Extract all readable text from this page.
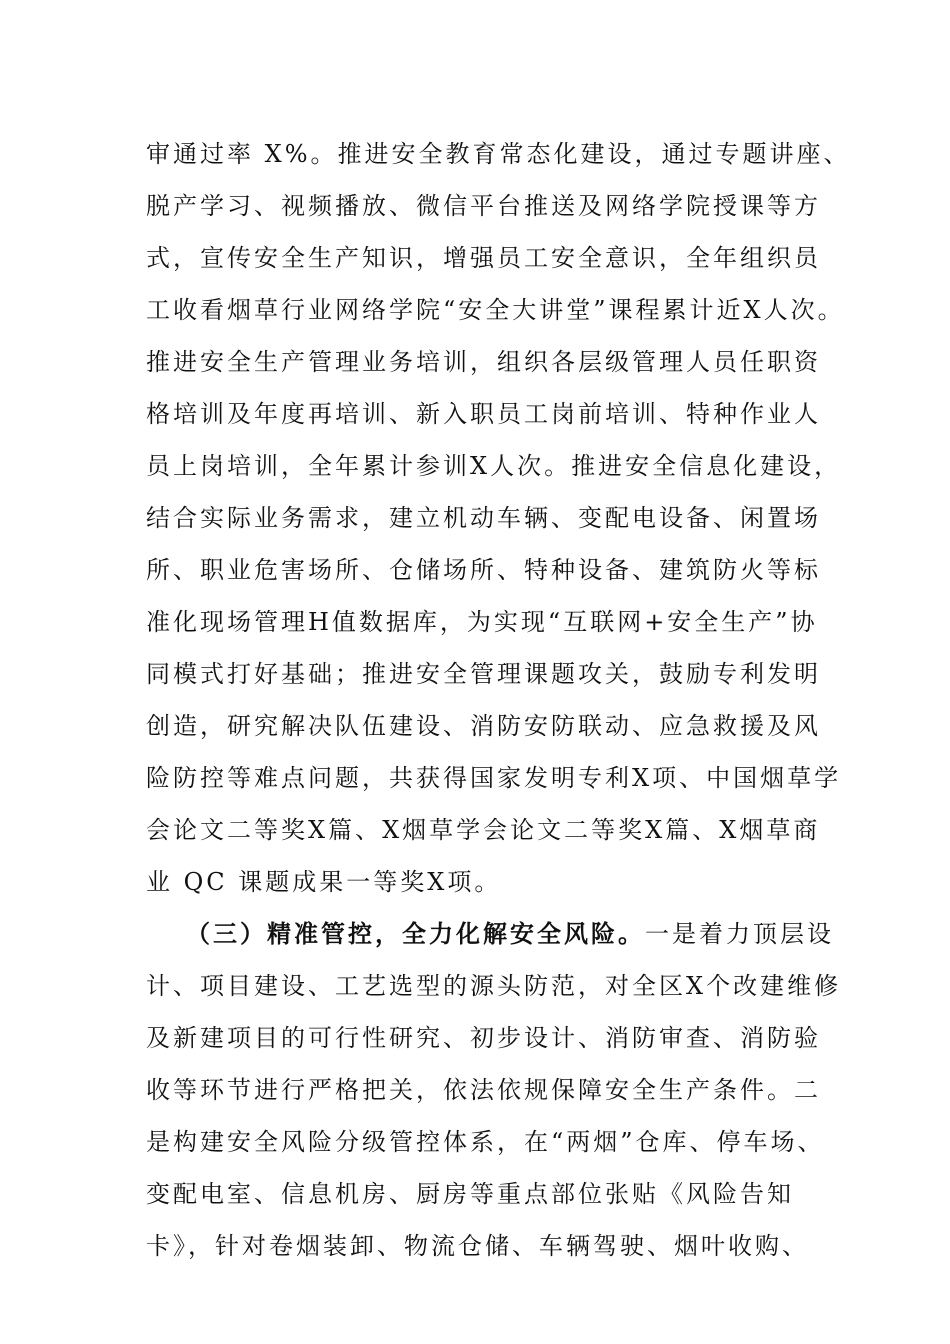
审通过率 X%。推进安全教育常态化建设，通过专题讲座、
脱产学习、视频播放、微信平台推送及网络学院授课等方
式，宣传安全生产知识，增强员工安全意识，全年组织员
工收看烟草行业网络学院“安全大讲堂”课程累计近X人次。
推进安全生产管理业务培训，组织各层级管理人员任职资
格培训及年度再培训、新入职员工岗前培训、特种作业人
员上岗培训，全年累计参训X人次。推进安全信息化建设，
结合实际业务需求，建立机动车辆、变配电设备、闲置场
所、职业危害场所、仓储场所、特种设备、建筑防火等标
准化现场管理H值数据库，为实现“互联网+安全生产”协
同模式打好基础；推进安全管理课题攻关，鼓励专利发明
创造，研究解决队伍建设、消防安防联动、应急救援及风
险防控等难点问题，共获得国家发明专利X项、中国烟草学
会论文二等奖X篇、X烟草学会论文二等奖X篇、X烟草商
业 QC 课题成果一等奖X项。
（三）精准管控，全力化解安全风险。一是着力顶层设
计、项目建设、工艺选型的源头防范，对全区X个改建维修
及新建项目的可行性研究、初步设计、消防审查、消防验
收等环节进行严格把关，依法依规保障安全生产条件。二
是构建安全风险分级管控体系，在“两烟”仓库、停车场、
变配电室、信息机房、厨房等重点部位张贴《风险告知
卡》，针对卷烟装卸、物流仓储、车辆驾驶、烟叶收购、
